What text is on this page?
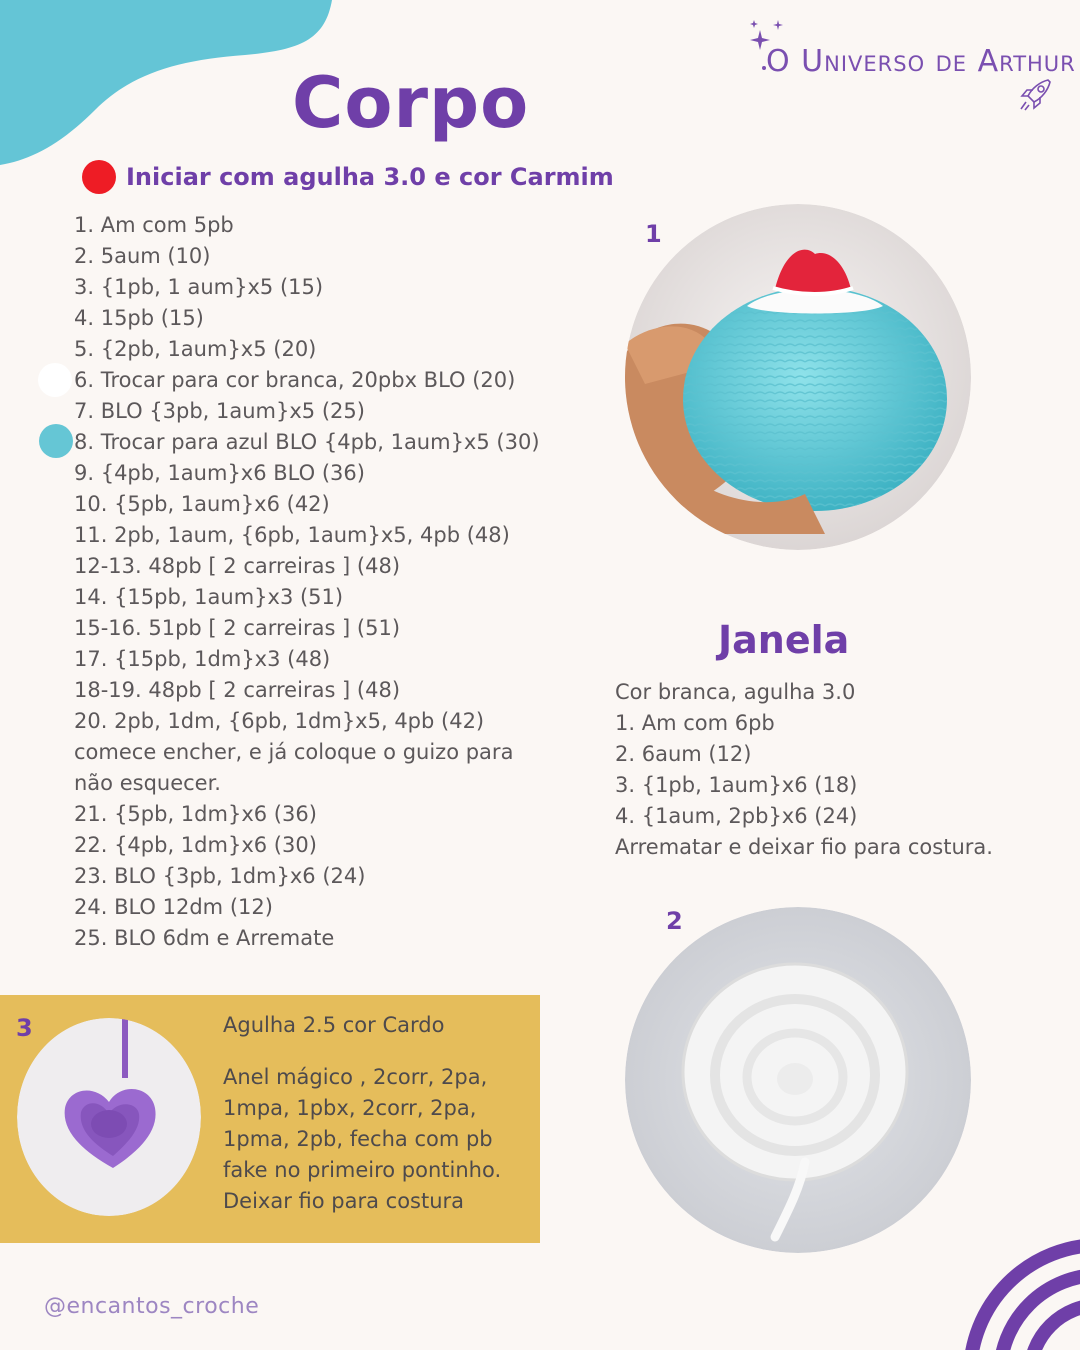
O Universo de Arthur
Corpo
Iniciar com agulha 3.0 e cor Carmim
1. Am com 5pb
2. 5aum (10)
3. {1pb, 1 aum}x5 (15)
4. 15pb (15)
5. {2pb, 1aum}x5 (20)
6. Trocar para cor branca, 20pbx BLO (20)
7. BLO {3pb, 1aum}x5 (25)
8. Trocar para azul BLO {4pb, 1aum}x5 (30)
9. {4pb, 1aum}x6 BLO (36)
10. {5pb, 1aum}x6 (42)
11. 2pb, 1aum, {6pb, 1aum}x5, 4pb (48)
12-13. 48pb [ 2 carreiras ] (48)
14. {15pb, 1aum}x3 (51)
15-16. 51pb [ 2 carreiras ] (51)
17. {15pb, 1dm}x3 (48)
18-19. 48pb [ 2 carreiras ] (48)
20. 2pb, 1dm, {6pb, 1dm}x5, 4pb (42)
comece encher, e já coloque o guizo para não esquecer.
21. {5pb, 1dm}x6 (36)
22. {4pb, 1dm}x6 (30)
23. BLO {3pb, 1dm}x6 (24)
24. BLO 12dm (12)
25. BLO 6dm e Arremate
1
Janela
Cor branca, agulha 3.0
1. Am com 6pb
2. 6aum (12)
3. {1pb, 1aum}x6 (18)
4. {1aum, 2pb}x6 (24)
Arrematar e deixar fio para costura.
2
3	Agulha 2.5 cor Cardo
Anel mágico , 2corr, 2pa, 1mpa, 1pbx, 2corr, 2pa, 1pma, 2pb, fecha com pb fake no primeiro pontinho. Deixar fio para costura
@encantos_croche
